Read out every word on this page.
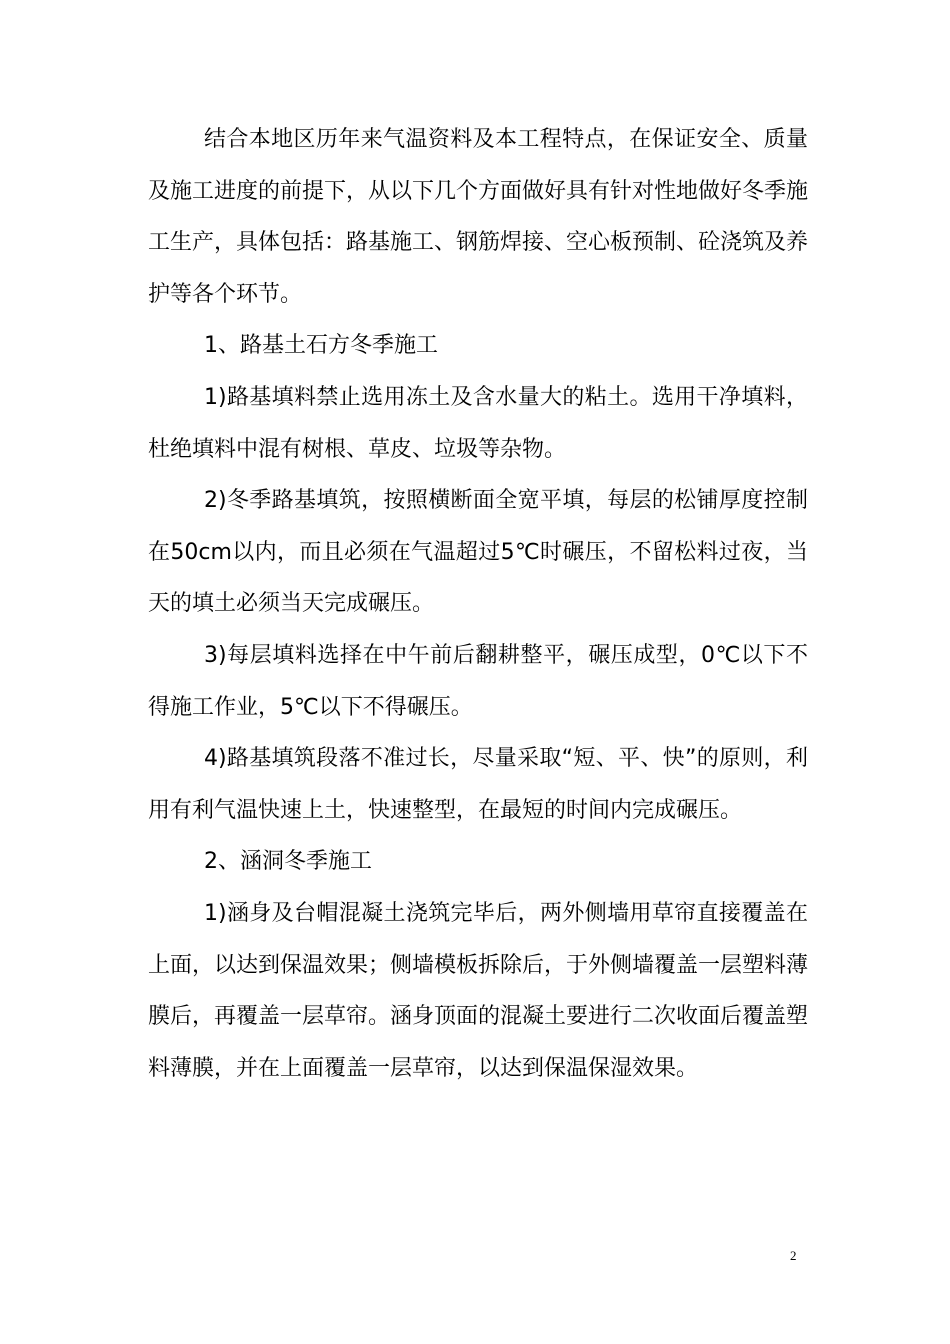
结合本地区历年来气温资料及本工程特点，在保证安全、质量及施工进度的前提下，从以下几个方面做好具有针对性地做好冬季施工生产，具体包括：路基施工、钢筋焊接、空心板预制、砼浇筑及养护等各个环节。

1、路基土石方冬季施工

1)路基填料禁止选用冻土及含水量大的粘土。选用干净填料，杜绝填料中混有树根、草皮、垃圾等杂物。

2)冬季路基填筑，按照横断面全宽平填，每层的松铺厚度控制在50cm以内，而且必须在气温超过5℃时碾压，不留松料过夜，当天的填土必须当天完成碾压。

3)每层填料选择在中午前后翻耕整平，碾压成型，0℃以下不得施工作业，5℃以下不得碾压。

4)路基填筑段落不准过长，尽量采取“短、平、快”的原则，利用有利气温快速上土，快速整型，在最短的时间内完成碾压。

2、涵洞冬季施工

1)涵身及台帽混凝土浇筑完毕后，两外侧墙用草帘直接覆盖在上面，以达到保温效果；侧墙模板拆除后，于外侧墙覆盖一层塑料薄膜后，再覆盖一层草帘。涵身顶面的混凝土要进行二次收面后覆盖塑料薄膜，并在上面覆盖一层草帘，以达到保温保湿效果。

2
